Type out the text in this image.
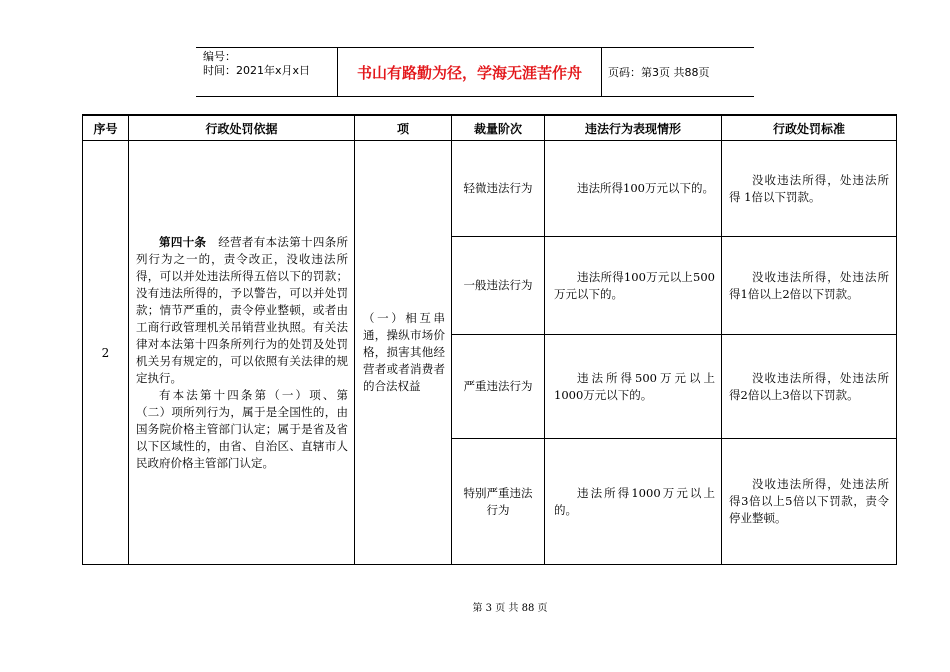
编号：
时间：2021年x月x日	书山有路勤为径，学海无涯苦作舟	页码：第3页 共88页
序号	行政处罚依据	项	裁量阶次	违法行为表现情形	行政处罚标准
2	第四十条 经营者有本法第十四条所列行为之一的，责令改正，没收违法所得，可以并处违法所得五倍以下的罚款；没有违法所得的，予以警告，可以并处罚款；情节严重的，责令停业整顿，或者由工商行政管理机关吊销营业执照。有关法律对本法第十四条所列行为的处罚及处罚机关另有规定的，可以依照有关法律的规定执行。

有本法第十四条第（一）项、第（二）项所列行为，属于是全国性的，由国务院价格主管部门认定；属于是省及省以下区域性的，由省、自治区、直辖市人民政府价格主管部门认定。	（一）相互串通，操纵市场价格，损害其他经营者或者消费者的合法权益	轻微违法行为	违法所得100万元以下的。	没收违法所得，处违法所得 1倍以下罚款。

			一般违法行为	违法所得100万元以上500万元以下的。	没收违法所得，处违法所得1倍以上2倍以下罚款。

			严重违法行为	违法所得500万元以上1000万元以下的。	没收违法所得，处违法所得2倍以上3倍以下罚款。

			特别严重违法行为	违法所得1000万元以上的。	没收违法所得，处违法所得3倍以上5倍以下罚款，责令停业整顿。
第 3 页 共 88 页
